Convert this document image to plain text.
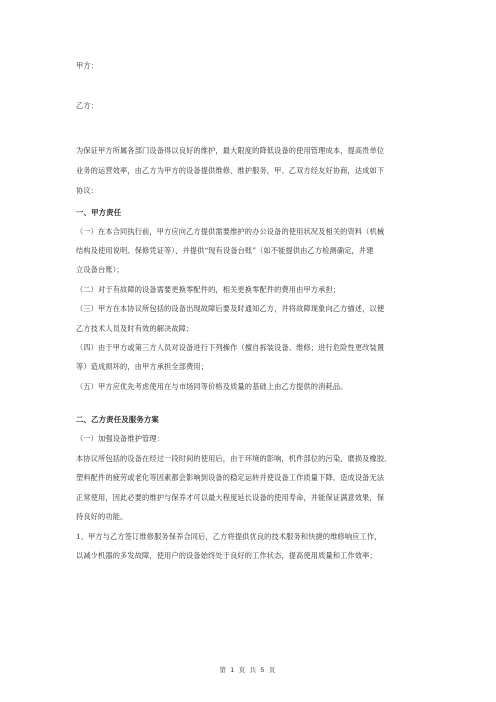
甲方：
乙方：
为保证甲方所属各部门设备得以良好的维护，最大限度的降低设备的使用管理成本，提高贵单位
业务的运营效率，由乙方为甲方的设备提供维修、维护服务，甲、乙双方经友好协商，达成如下
协议：
一、甲方责任
（一）在本合同执行前，甲方应向乙方提供需要维护的办公设备的使用状况及相关的资料（机械
结构及使用说明、保修凭证等），并提供“现有设备台账”（如不能提供由乙方检测确定，并建
立设备台账）；
（二）对于有故障的设备需要更换零配件的，相关更换零配件的费用由甲方承担；
（三）甲方在本协议所包括的设备出现故障后要及时通知乙方，并将故障现象向乙方描述，以便
乙方技术人员及时有效的解决故障；
（四）由于甲方或第三方人员对设备进行下列操作（擅自拆装设备、维修；进行危险性更改装置
等）造成损坏的，由甲方承担全部费用；
（五）甲方应优先考虑使用在与市场同等价格及质量的基础上由乙方提供的消耗品。
二、乙方责任及服务方案
（一）加强设备维护管理：
本协议所包括的设备在经过一段时间的使用后，由于环境的影响，机件部位的污染、磨损及橡胶、
塑料配件的疲劳或老化等因素都会影响到设备的稳定运转并使设备工作质量下降，造成设备无法
正常使用，因此必要的维护与保养才可以最大程度延长设备的使用寿命，并能保证满意效果，保
持良好的功能。
1、甲方与乙方签订维修服务保养合同后，乙方将提供优良的技术服务和快捷的维修响应工作，
以减少机器的多发故障，使用户的设备始终处于良好的工作状态，提高使用质量和工作效率；
第 1 页 共 5 页
